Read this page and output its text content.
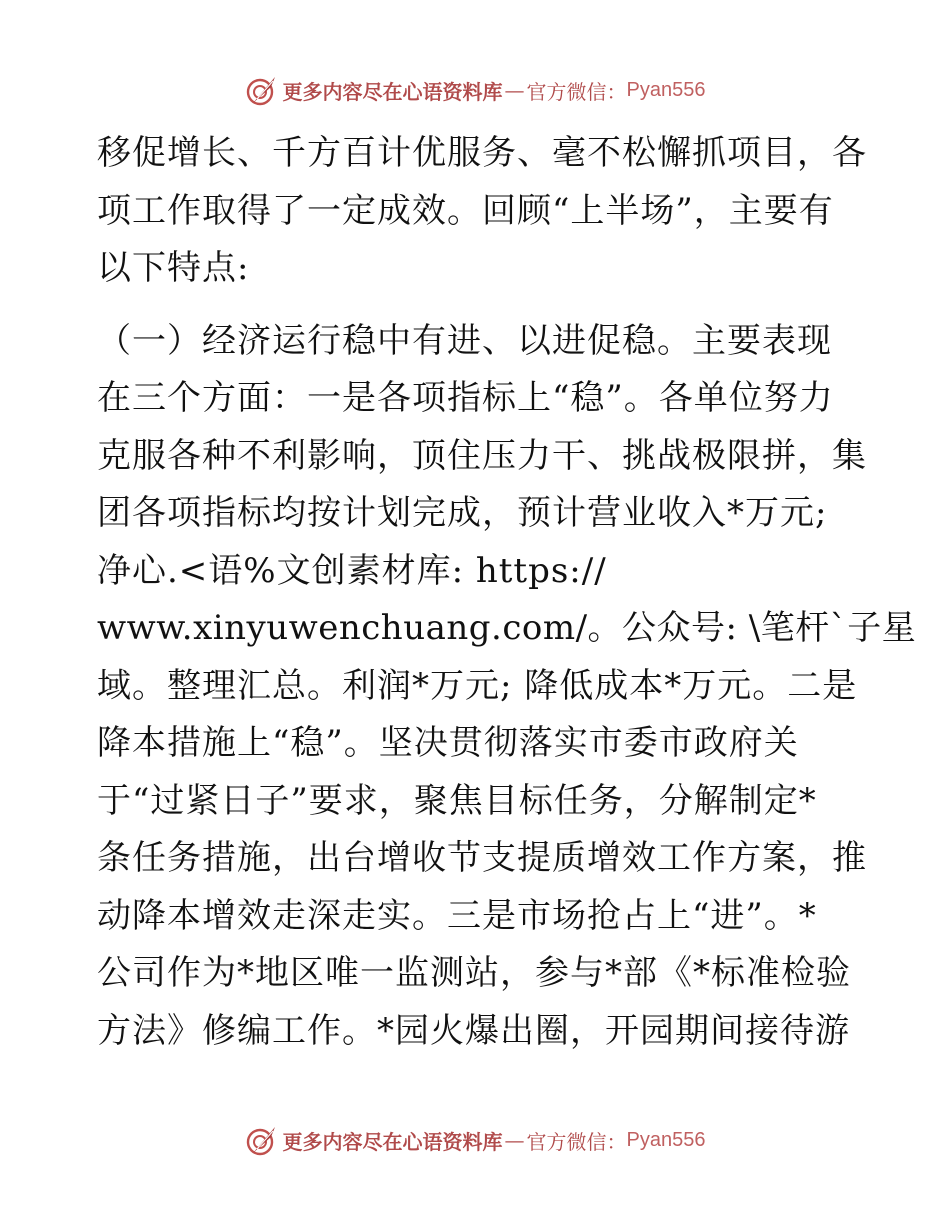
更多内容尽在心语资料库 — 官方微信： Pyan556
移促增长、千方百计优服务、毫不松懈抓项目，各
项工作取得了一定成效。回顾“上半场”，主要有
以下特点:
（一）经济运行稳中有进、以进促稳。主要表现
在三个方面：一是各项指标上“稳”。各单位努力
克服各种不利影响，顶住压力干、挑战极限拼，集
团各项指标均按计划完成，预计营业收入*万元;
净心.<语%文创素材库: https://
www.xinyuwenchuang.com/。公众号: \笔杆`子星
域。整理汇总。利润*万元; 降低成本*万元。二是
降本措施上“稳”。坚决贯彻落实市委市政府关
于“过紧日子”要求，聚焦目标任务，分解制定*
条任务措施，出台增收节支提质增效工作方案，推
动降本增效走深走实。三是市场抢占上“进”。*
公司作为*地区唯一监测站，参与*部《*标准检验
方法》修编工作。*园火爆出圈，开园期间接待游
更多内容尽在心语资料库 — 官方微信： Pyan556
